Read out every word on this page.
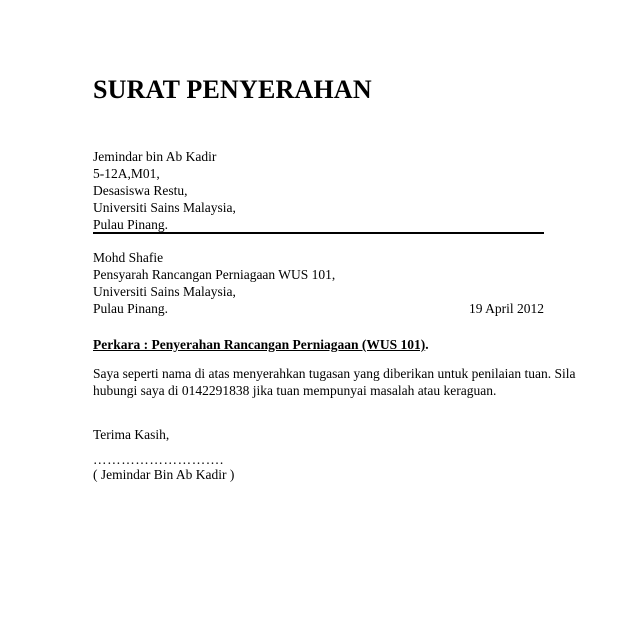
SURAT PENYERAHAN
Jemindar bin Ab Kadir
5-12A,M01,
Desasiswa Restu,
Universiti Sains Malaysia,
Pulau Pinang.
Mohd Shafie
Pensyarah Rancangan Perniagaan WUS 101,
Universiti Sains Malaysia,
Pulau Pinang.	19 April 2012
Perkara : Penyerahan Rancangan Perniagaan (WUS 101).
Saya seperti nama di atas menyerahkan tugasan yang diberikan untuk penilaian tuan. Sila
hubungi saya di 0142291838 jika tuan mempunyai masalah atau keraguan.
Terima Kasih,
……………………….
( Jemindar Bin Ab Kadir )
